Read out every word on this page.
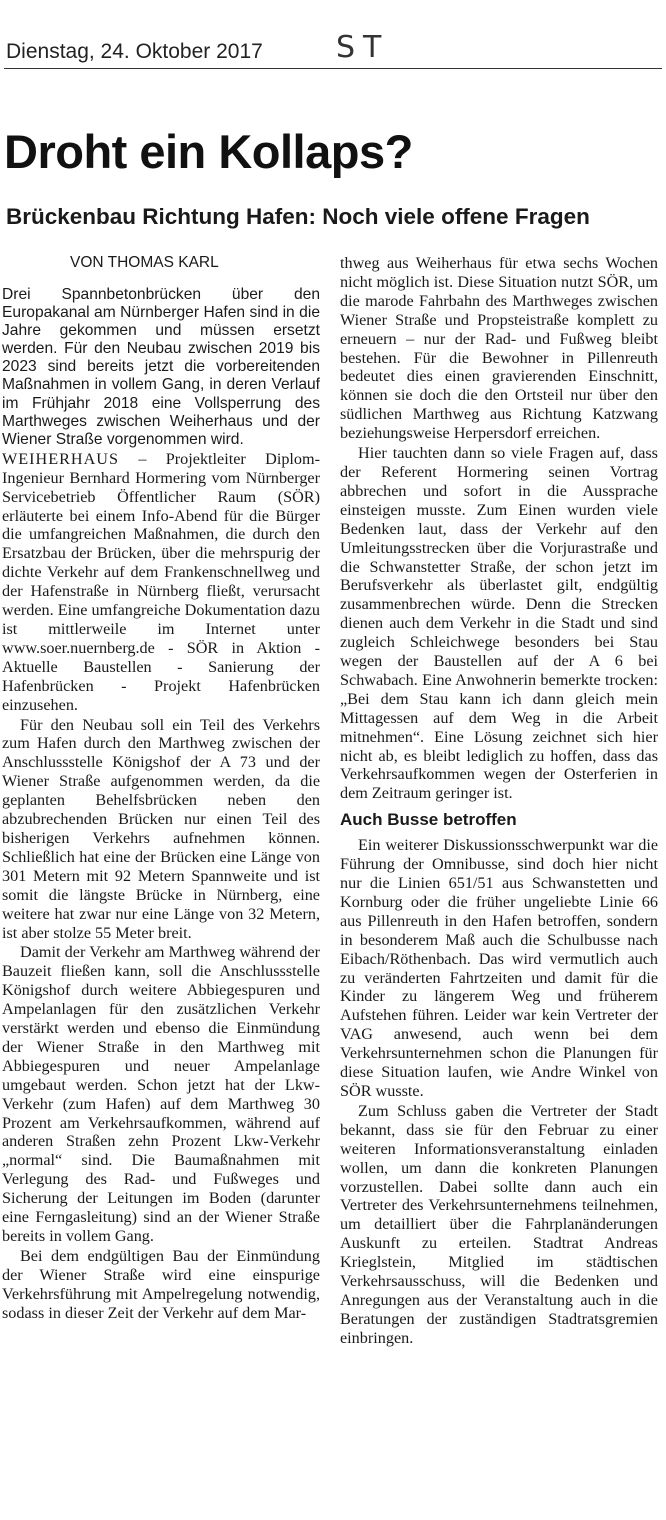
Dienstag, 24. Oktober 2017 ST
Droht ein Kollaps?
Brückenbau Richtung Hafen: Noch viele offene Fragen
VON THOMAS KARL

Drei Spannbetonbrücken über den Europakanal am Nürnberger Hafen sind in die Jahre gekommen und müssen ersetzt werden. Für den Neubau zwischen 2019 bis 2023 sind bereits jetzt die vorbereitenden Maßnahmen in vollem Gang, in deren Verlauf im Frühjahr 2018 eine Vollsperrung des Marthweges zwischen Weiherhaus und der Wiener Straße vorgenommen wird.

WEIHERHAUS – Projektleiter Diplom-Ingenieur Bernhard Hormering vom Nürnberger Servicebetrieb Öffentlicher Raum (SÖR) erläuterte bei einem Info-Abend für die Bürger die umfangreichen Maßnahmen, die durch den Ersatzbau der Brücken, über die mehrspurig der dichte Verkehr auf dem Frankenschnellweg und der Hafenstraße in Nürnberg fließt, verursacht werden. Eine umfangreiche Dokumentation dazu ist mittlerweile im Internet unter www.soer.nuernberg.de - SÖR in Aktion - Aktuelle Baustellen - Sanierung der Hafenbrücken - Projekt Hafenbrücken einzusehen.

Für den Neubau soll ein Teil des Verkehrs zum Hafen durch den Marthweg zwischen der Anschlussstelle Königshof der A 73 und der Wiener Straße aufgenommen werden, da die geplanten Behelfsbrücken neben den abzubrechenden Brücken nur einen Teil des bisherigen Verkehrs aufnehmen können. Schließlich hat eine der Brücken eine Länge von 301 Metern mit 92 Metern Spannweite und ist somit die längste Brücke in Nürnberg, eine weitere hat zwar nur eine Länge von 32 Metern, ist aber stolze 55 Meter breit.

Damit der Verkehr am Marthweg während der Bauzeit fließen kann, soll die Anschlussstelle Königshof durch weitere Abbiegespuren und Ampelanlagen für den zusätzlichen Verkehr verstärkt werden und ebenso die Einmündung der Wiener Straße in den Marthweg mit Abbiegespuren und neuer Ampelanlage umgebaut werden. Schon jetzt hat der Lkw-Verkehr (zum Hafen) auf dem Marthweg 30 Prozent am Verkehrsaufkommen, während auf anderen Straßen zehn Prozent Lkw-Verkehr „normal“ sind. Die Baumaßnahmen mit Verlegung des Rad- und Fußweges und Sicherung der Leitungen im Boden (darunter eine Ferngasleitung) sind an der Wiener Straße bereits in vollem Gang.

Bei dem endgültigen Bau der Einmündung der Wiener Straße wird eine einspurige Verkehrsführung mit Ampelregelung notwendig, sodass in dieser Zeit der Verkehr auf dem Mar-

thweg aus Weiherhaus für etwa sechs Wochen nicht möglich ist. Diese Situation nutzt SÖR, um die marode Fahrbahn des Marthweges zwischen Wiener Straße und Propsteistraße komplett zu erneuern – nur der Rad- und Fußweg bleibt bestehen. Für die Bewohner in Pillenreuth bedeutet dies einen gravierenden Einschnitt, können sie doch die den Ortsteil nur über den südlichen Marthweg aus Richtung Katzwang beziehungsweise Herpersdorf erreichen.

Hier tauchten dann so viele Fragen auf, dass der Referent Hormering seinen Vortrag abbrechen und sofort in die Aussprache einsteigen musste. Zum Einen wurden viele Bedenken laut, dass der Verkehr auf den Umleitungsstrecken über die Vorjurastraße und die Schwanstetter Straße, der schon jetzt im Berufsverkehr als überlastet gilt, endgültig zusammenbrechen würde. Denn die Strecken dienen auch dem Verkehr in die Stadt und sind zugleich Schleichwege besonders bei Stau wegen der Baustellen auf der A 6 bei Schwabach. Eine Anwohnerin bemerkte trocken: „Bei dem Stau kann ich dann gleich mein Mittagessen auf dem Weg in die Arbeit mitnehmen“. Eine Lösung zeichnet sich hier nicht ab, es bleibt lediglich zu hoffen, dass das Verkehrsaufkommen wegen der Osterferien in dem Zeitraum geringer ist.

Auch Busse betroffen

Ein weiterer Diskussionsschwerpunkt war die Führung der Omnibusse, sind doch hier nicht nur die Linien 651/51 aus Schwanstetten und Kornburg oder die früher ungeliebte Linie 66 aus Pillenreuth in den Hafen betroffen, sondern in besonderem Maß auch die Schulbusse nach Eibach/Röthenbach. Das wird vermutlich auch zu veränderten Fahrtzeiten und damit für die Kinder zu längerem Weg und früherem Aufstehen führen. Leider war kein Vertreter der VAG anwesend, auch wenn bei dem Verkehrsunternehmen schon die Planungen für diese Situation laufen, wie Andre Winkel von SÖR wusste.

Zum Schluss gaben die Vertreter der Stadt bekannt, dass sie für den Februar zu einer weiteren Informationsveranstaltung einladen wollen, um dann die konkreten Planungen vorzustellen. Dabei sollte dann auch ein Vertreter des Verkehrsunternehmens teilnehmen, um detailliert über die Fahrplanänderungen Auskunft zu erteilen. Stadtrat Andreas Krieglstein, Mitglied im städtischen Verkehrsausschuss, will die Bedenken und Anregungen aus der Veranstaltung auch in die Beratungen der zuständigen Stadtratsgremien einbringen.
